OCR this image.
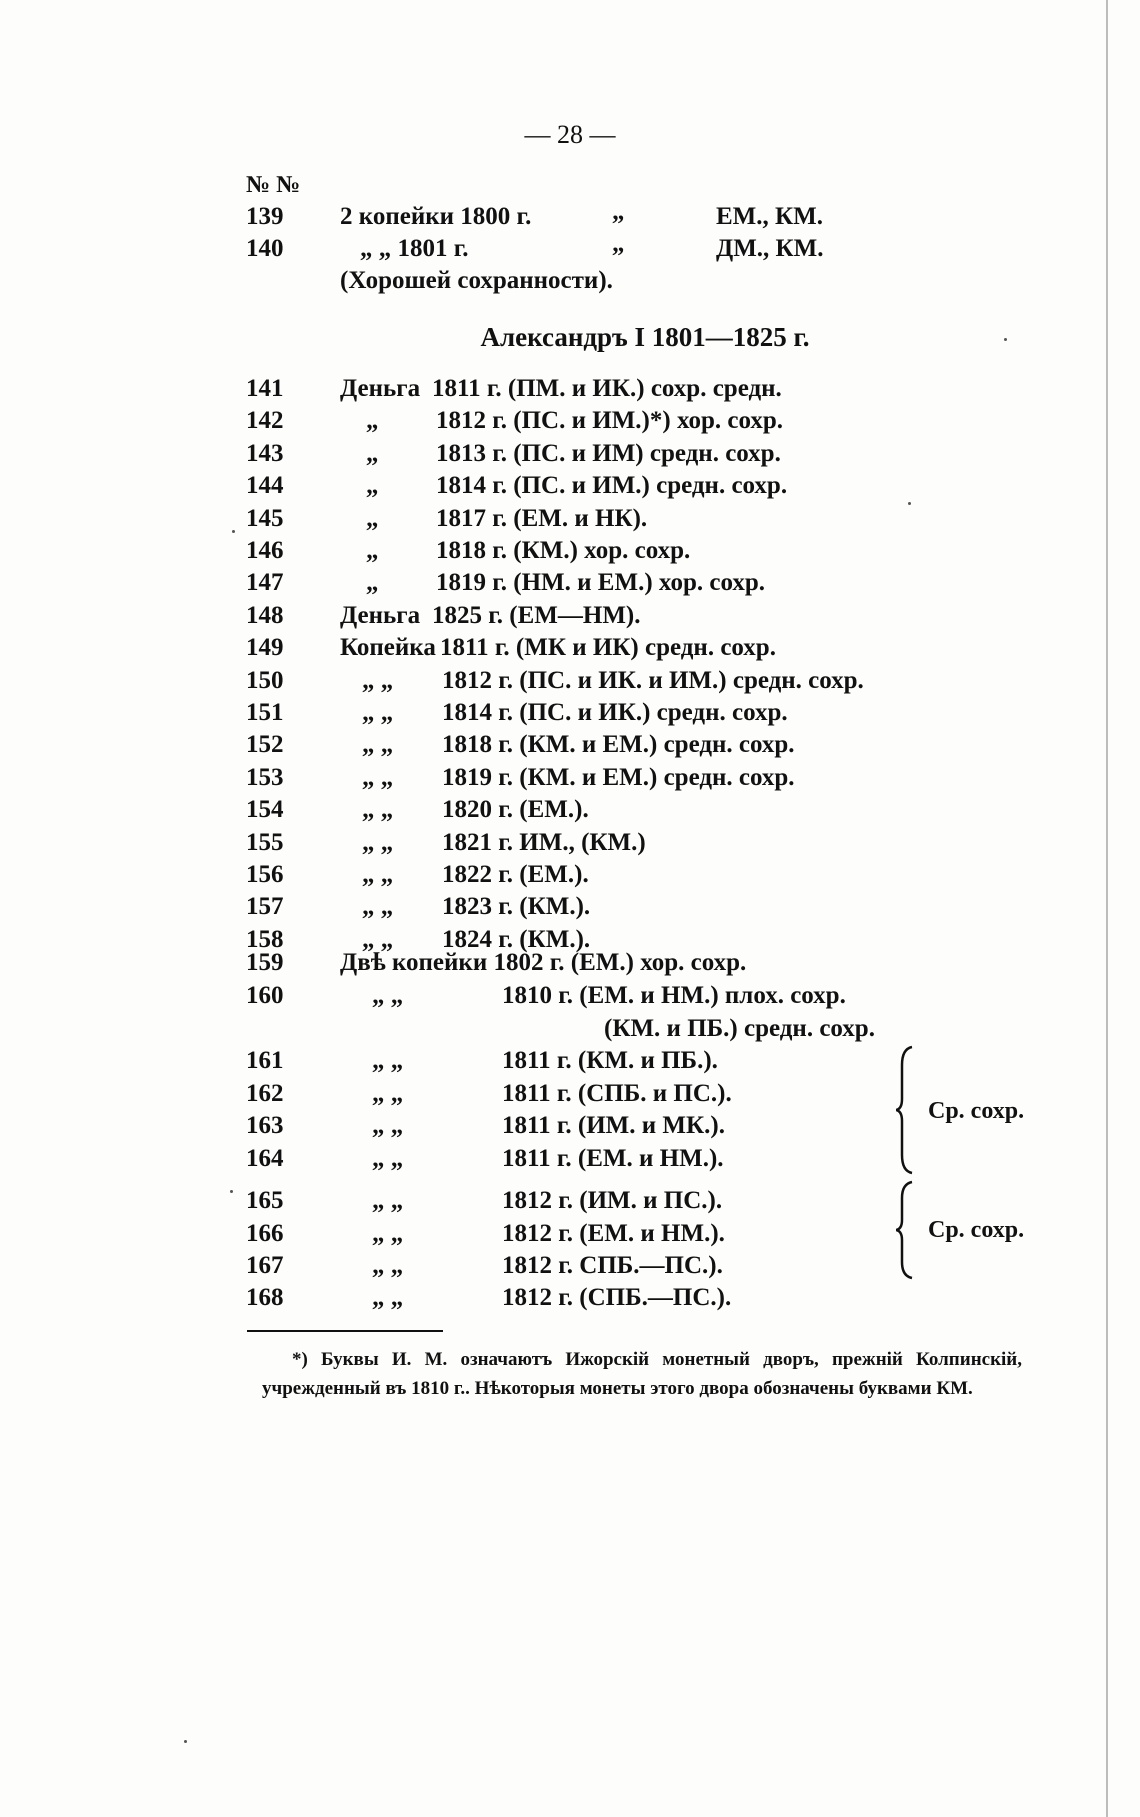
— 28 —
№ №
139 2 копейки 1800 г.	„	ЕМ., КМ.
140	„ „ 1801 г.	„	ДМ., КМ.
(Хорошей сохранности).
Александръ I 1801—1825 г.
141 Деньга 1811 г. (ПМ. и ИК.) сохр. средн.
142	„ 1812 г. (ПС. и ИМ.)*) хор. сохр.
143	„ 1813 г. (ПС. и ИМ) средн. сохр.
144	„ 1814 г. (ПС. и ИМ.) средн. сохр.
145	„ 1817 г. (ЕМ. и НК).
146	„ 1818 г. (КМ.) хор. сохр.
147	„ 1819 г. (НМ. и ЕМ.) хор. сохр.
148 Деньга 1825 г. (ЕМ—НМ).
149 Копейка 1811 г. (МК и ИК) средн. сохр.
150	„ „ 1812 г. (ПС. и ИК. и ИМ.) средн. сохр.
151	„ „ 1814 г. (ПС. и ИК.) средн. сохр.
152	„ „ 1818 г. (КМ. и ЕМ.) средн. сохр.
153	„ „ 1819 г. (КМ. и ЕМ.) средн. сохр.
154	„ „ 1820 г. (ЕМ.).
155	„ „ 1821 г. ИМ., (КМ.)
156	„ „ 1822 г. (ЕМ.).
157	„ „ 1823 г. (КМ.).
158	„ „ 1824 г. (КМ.).
159 Двѣ копейки 1802 г. (ЕМ.) хор. сохр.
160	„ „	1810 г. (ЕМ. и НМ.) плох. сохр.
(КМ. и ПБ.) средн. сохр.
161	„ „	1811 г. (КМ. и ПБ.).
162	„ „	1811 г. (СПБ. и ПС.).
163	„ „	1811 г. (ИМ. и МК.).
164	„ „	1811 г. (ЕМ. и НМ.).
Ср. сохр.
165	„ „	1812 г. (ИМ. и ПС.).
166	„ „	1812 г. (ЕМ. и НМ.).
167	„ „	1812 г. СПБ.—ПС.).
Ср. сохр.
168	„ „	1812 г. (СПБ.—ПС.).
*) Буквы И. М. означаютъ Ижорскій монетный дворъ, прежній Колпинскій, учрежденный въ 1810 г.. Нѣкоторыя монеты этого двора обозначены буквами КМ.
